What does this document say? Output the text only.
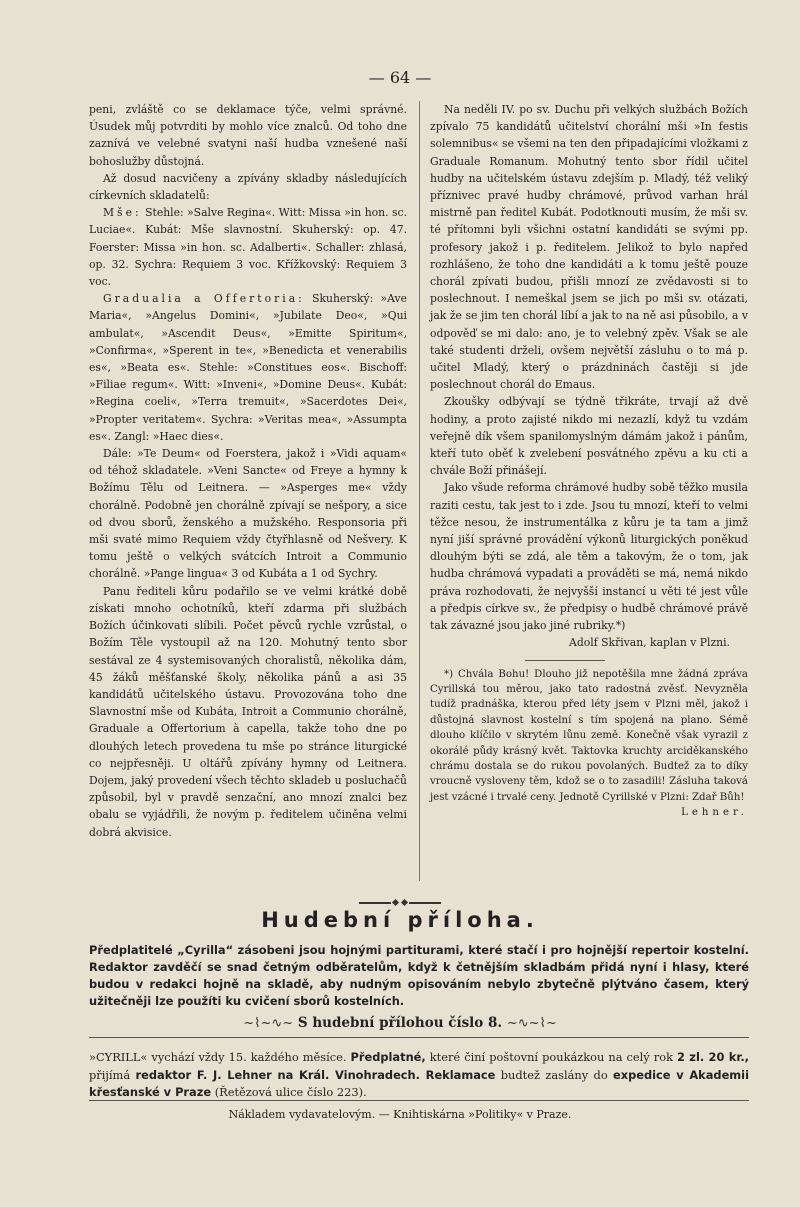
— 64 —

peni, zvláště co se deklamace týče, velmi správné. Úsudek můj potvrditi by mohlo více znalců. Od toho dne zaznívá ve velebné svatyni naší hudba vznešené naší bohoslužby důstojná.

Až dosud nacvičeny a zpívány skladby následujících církevních skladatelů:

Mše: Stehle: »Salve Regina«. Witt: Missa »in hon. sc. Luciae«. Kubát: Mše slavnostní. Skuherský: op. 47. Foerster: Missa »in hon. sc. Adalberti«. Schaller: zhlasá, op. 32. Sychra: Requiem 3 voc. Křížkovský: Requiem 3 voc.

Gradualia a Offertoria: Skuherský: »Ave Maria«, »Angelus Domini«, »Jubilate Deo«, »Qui ambulat«, »Ascendit Deus«, »Emitte Spiritum«, »Confirma«, »Sperent in te«, »Benedicta et venerabilis es«, »Beata es«. Stehle: »Constitues eos«. Bischoff: »Filiae regum«. Witt: »Inveni«, »Domine Deus«. Kubát: »Regina coeli«, »Terra tremuit«, »Sacerdotes Dei«, »Propter veritatem«. Sychra: »Veritas mea«, »Assumpta es«. Zangl: »Haec dies«.

Dále: »Te Deum« od Foerstera, jakož i »Vidi aquam« od téhož skladatele. »Veni Sancte« od Freye a hymny k Božímu Tělu od Leitnera. — »Asperges me« vždy chorálně. Podobně jen chorálně zpívají se nešpory, a sice od dvou sborů, ženského a mužského. Responsoria při mši svaté mimo Requiem vždy čtyřhlasně od Nešvery. K tomu ještě o velkých svátcích Introit a Communio chorálně. »Pange lingua« 3 od Kubáta a 1 od Sychry.

Panu řediteli kůru podařilo se ve velmi krátké době získati mnoho ochotníků, kteří zdarma při službách Božích účinkovati slíbili. Počet pěvců rychle vzrůstal, o Božím Těle vystoupil až na 120. Mohutný tento sbor sestával ze 4 systemisovaných choralistů, několika dám, 45 žáků měšťanské školy, několika pánů a asi 35 kandidátů učitelského ústavu. Provozována toho dne Slavnostní mše od Kubáta, Introit a Communio chorálně, Graduale a Offertorium à capella, takže toho dne po dlouhých letech provedena tu mše po stránce liturgické co nejpřesněji. U oltářů zpívány hymny od Leitnera. Dojem, jaký provedení všech těchto skladeb u posluchačů způsobil, byl v pravdě senzační, ano mnozí znalci bez obalu se vyjádřili, že novým p. ředitelem učiněna velmi dobrá akvisice.

Na neděli IV. po sv. Duchu při velkých službách Božích zpívalo 75 kandidátů učitelství chorální mši »In festis solemnibus« se všemi na ten den připadajícími vložkami z Graduale Romanum. Mohutný tento sbor řídil učitel hudby na učitelském ústavu zdejším p. Mladý, též veliký příznivec pravé hudby chrámové, průvod varhan hrál mistrně pan ředitel Kubát. Podotknouti musím, že mši sv. té přítomni byli všichni ostatní kandidáti se svými pp. profesory jakož i p. ředitelem. Jelikož to bylo napřed rozhlášeno, že toho dne kandidáti a k tomu ještě pouze chorál zpívati budou, přišli mnozí ze zvědavosti si to poslechnout. I nemeškal jsem se jich po mši sv. otázati, jak že se jim ten chorál líbí a jak to na ně asi působilo, a v odpověď se mi dalo: ano, je to velebný zpěv. Však se ale také studenti drželi, ovšem největší zásluhu o to má p. učitel Mladý, který o prázdninách častěji si jde poslechnout chorál do Emaus.

Zkoušky odbývají se týdně třikráte, trvají až dvě hodiny, a proto zajisté nikdo mi nezazlí, když tu vzdám veřejně dík všem spanilomyslným dámám jakož i pánům, kteří tuto oběť k zvelebení posvátného zpěvu a ku cti a chvále Boží přinášejí.

Jako všude reforma chrámové hudby sobě těžko musila raziti cestu, tak jest to i zde. Jsou tu mnozí, kteří to velmi těžce nesou, že instrumentálka z kůru je ta tam a jimž nyní jiší správné provádění výkonů liturgických poněkud dlouhým býti se zdá, ale těm a takovým, že o tom, jak hudba chrámová vypadati a prováděti se má, nemá nikdo práva rozhodovati, že nejvyšší instancí u věti té jest vůle a předpis církve sv., že předpisy o hudbě chrámové právě tak závazné jsou jako jiné rubriky.*)

Adolf Skřivan, kaplan v Plzni.

*) Chvála Bohu! Dlouho již nepotěšila mne žádná zpráva Cyrillská tou měrou, jako tato radostná zvěsť. Nevyzněla tudíž pradnáška, kterou před léty jsem v Plzni měl, jakož i důstojná slavnost kostelní s tím spojená na plano. Sémě dlouho klíčilo v skrytém lůnu země. Konečně však vyrazil z okorálé půdy krásný květ. Taktovka kruchty arciděkanského chrámu dostala se do rukou povolaných. Budtež za to díky vroucně vysloveny těm, kdož se o to zasadili! Zásluha taková jest vzácné i trvalé ceny. Jednotě Cyrillské v Plzni: Zdař Bůh!

Lehner.
Hudební příloha.
Předplatitelé „Cyrilla“ zásobeni jsou hojnými partiturami, které stačí i pro hojnější repertoir kostelní. Redaktor zavděčí se snad četným odběratelům, když k četnějším skladbám přidá nyní i hlasy, které budou v redakci hojně na skladě, aby nudným opisováním nebylo zbytečně plýtváno časem, který užitečněji lze použíti ku cvičení sborů kostelních.
~⌇~∿~ S hudební přílohou číslo 8. ~∿~⌇~
»CYRILL« vychází vždy 15. každého měsíce. Předplatné, které činí poštovní poukázkou na celý rok 2 zl. 20 kr., přijímá redaktor F. J. Lehner na Král. Vinohradech. Reklamace budtež zaslány do expedice v Akademii křesťanské v Praze (Řetězová ulice číslo 223).
Nákladem vydavatelovým. — Knihtiskárna »Politiky« v Praze.
